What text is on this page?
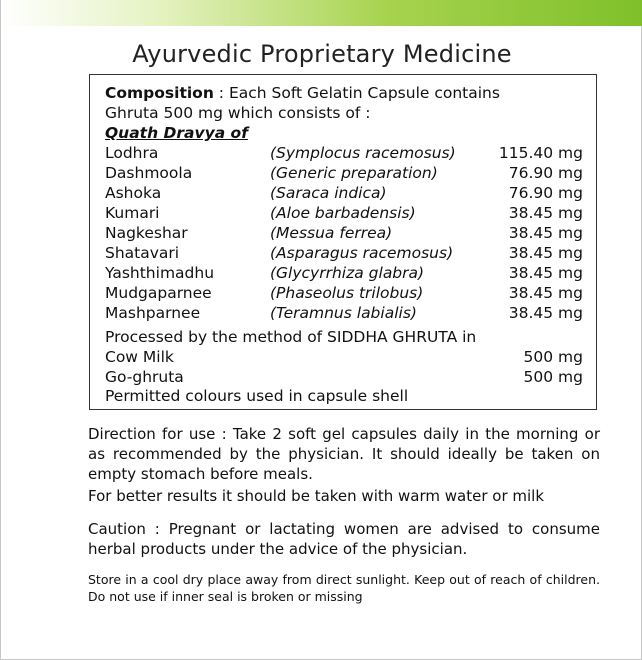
Ayurvedic Proprietary Medicine
Composition : Each Soft Gelatin Capsule contains
Ghruta 500 mg which consists of :
Quath Dravya of
Lodhra	(Symplocus racemosus)	115.40 mg
Dashmoola	(Generic preparation)	76.90 mg
Ashoka	(Saraca indica)	76.90 mg
Kumari	(Aloe barbadensis)	38.45 mg
Nagkeshar	(Messua ferrea)	38.45 mg
Shatavari	(Asparagus racemosus)	38.45 mg
Yashthimadhu	(Glycyrrhiza glabra)	38.45 mg
Mudgaparnee	(Phaseolus trilobus)	38.45 mg
Mashparnee	(Teramnus labialis)	38.45 mg
Processed by the method of SIDDHA GHRUTA in
Cow Milk	500 mg
Go-ghruta	500 mg
Permitted colours used in capsule shell
Direction for use : Take 2 soft gel capsules daily in the morning or as recommended by the physician. It should ideally be taken on empty stomach before meals.
For better results it should be taken with warm water or milk
Caution : Pregnant or lactating women are advised to consume herbal products under the advice of the physician.
Store in a cool dry place away from direct sunlight. Keep out of reach of children. Do not use if inner seal is broken or missing
